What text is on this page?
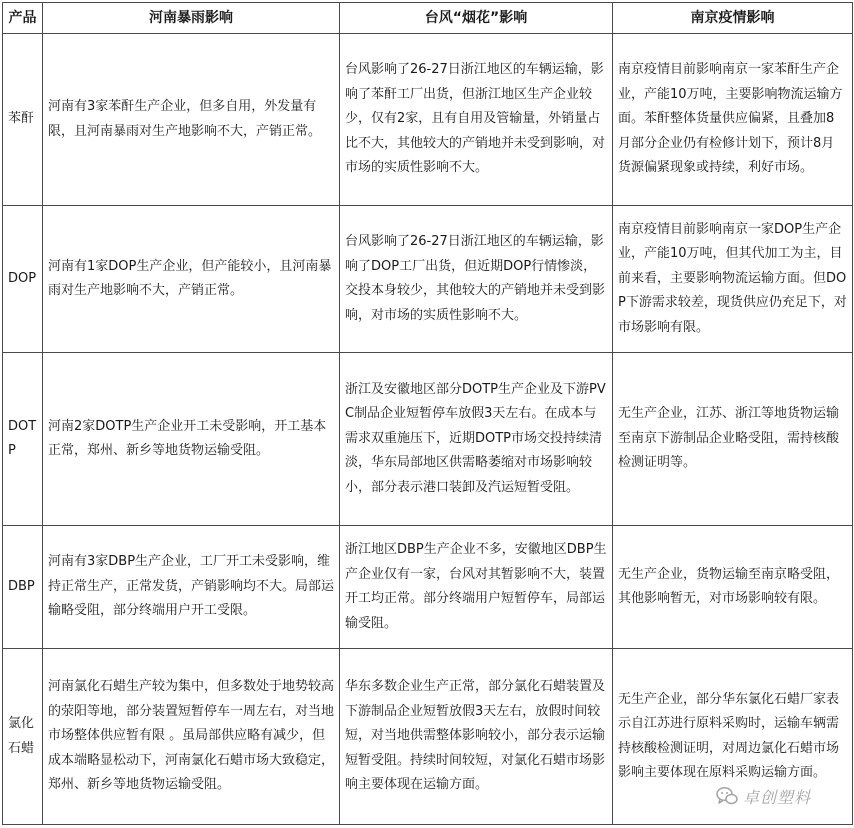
产品	河南暴雨影响	台风“烟花”影响	南京疫情影响
苯酐	河南有3家苯酐生产企业，但多自用，外发量有限，且河南暴雨对生产地影响不大，产销正常。	台风影响了26-27日浙江地区的车辆运输，影响了苯酐工厂出货，但浙江地区生产企业较少，仅有2家，且有自用及管输量，外销量占比不大，其他较大的产销地并未受到影响，对市场的实质性影响不大。	南京疫情目前影响南京一家苯酐生产企业，产能10万吨，主要影响物流运输方面。苯酐整体货量供应偏紧，且叠加8月部分企业仍有检修计划下，预计8月货源偏紧现象或持续，利好市场。
DOP	河南有1家DOP生产企业，但产能较小，且河南暴雨对生产地影响不大，产销正常。	台风影响了26-27日浙江地区的车辆运输，影响了DOP工厂出货，但近期DOP行情惨淡，交投本身较少，其他较大的产销地并未受到影响，对市场的实质性影响不大。	南京疫情目前影响南京一家DOP生产企业，产能10万吨，但其代加工为主，目前来看，主要影响物流运输方面。但DOP下游需求较差，现货供应仍充足下，对市场影响有限。
DOTP	河南2家DOTP生产企业开工未受影响，开工基本正常，郑州、新乡等地货物运输受阻。	浙江及安徽地区部分DOTP生产企业及下游PVC制品企业短暂停车放假3天左右。在成本与需求双重施压下，近期DOTP市场交投持续清淡，华东局部地区供需略萎缩对市场影响较小，部分表示港口装卸及汽运短暂受阻。	无生产企业，江苏、浙江等地货物运输至南京下游制品企业略受阻，需持核酸检测证明等。
DBP	河南有3家DBP生产企业，工厂开工未受影响，维持正常生产，正常发货，产销影响均不大。局部运输略受阻，部分终端用户开工受限。	浙江地区DBP生产企业不多，安徽地区DBP生产企业仅有一家，台风对其暂影响不大，装置开工均正常。部分终端用户短暂停车，局部运输受阻。	无生产企业，货物运输至南京略受阻，其他影响暂无，对市场影响较有限。
氯化石蜡	河南氯化石蜡生产较为集中，但多数处于地势较高的荥阳等地，部分装置短暂停车一周左右，对当地市场整体供应暂有限 。虽局部供应略有减少，但成本端略显松动下，河南氯化石蜡市场大致稳定，郑州、新乡等地货物运输受阻。	华东多数企业生产正常，部分氯化石蜡装置及下游制品企业短暂放假3天左右，放假时间较短，对当地供需整体影响较小，部分表示运输短暂受阻。持续时间较短，对氯化石蜡市场影响主要体现在运输方面。	无生产企业，部分华东氯化石蜡厂家表示自江苏进行原料采购时，运输车辆需持核酸检测证明，对周边氯化石蜡市场影响主要体现在原料采购运输方面。
卓创塑料
